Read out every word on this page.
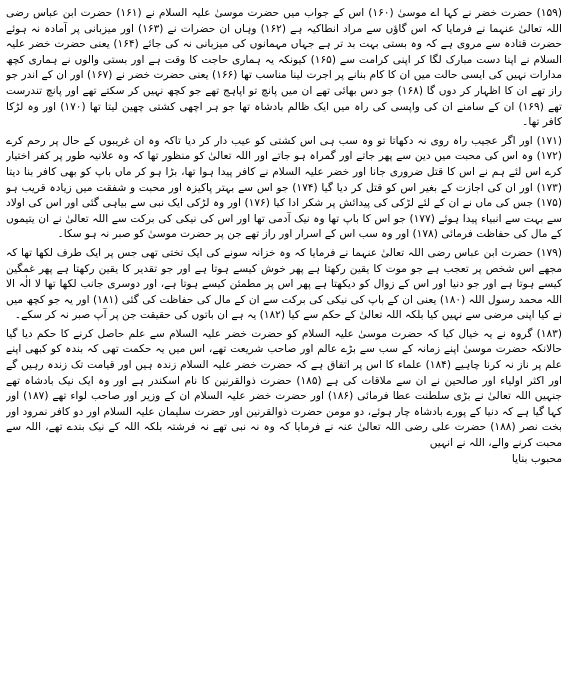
(۱۵۹) حضرت خضر نے کہا اے موسیٰ (۱۶۰) اس کے جواب میں حضرت موسیٰ علیہ السلام نے (۱۶۱) حضرت ابن عباس رضی اللہ تعالیٰ عنہما نے فرمایا کہ اس گاؤں سے مراد انطاکیہ ہے (۱۶۲) وہاں ان حضرات نے (۱۶۳) اور میزبانی پر آمادہ نہ ہوئے حضرت قتادہ سے مروی ہے کہ وہ بستی بہت بد تر ہے جہاں مہمانوں کی میزبانی نہ کی جائے (۱۶۴) یعنی حضرت خضر علیہ السلام نے اپنا دست مبارک لگا کر اپنی کرامت سے (۱۶۵) کیونکہ یہ ہماری حاجت کا وقت ہے اور بستی والوں نے ہماری کچھ مدارات نہیں کی ایسی حالت میں ان کا کام بنانے پر اجرت لینا مناسب تھا (۱۶۶) یعنی حضرت خضر نے (۱۶۷) اور ان کے اندر جو راز تھے ان کا اظہار کر دوں گا (۱۶۸) جو دس بھائی تھے ان میں پانچ تو اپاہج تھے جو کچھ نہیں کر سکتے تھے اور پانچ تندرست تھے (۱۶۹) ان کے سامنے ان کی واپسی کی راہ میں ایک ظالم بادشاہ تھا جو ہر اچھی کشتی چھین لیتا تھا (۱۷۰) اور وہ لڑکا کافر تھا۔

(۱۷۱) اور اگر عجیب راہ روی نہ دکھاتا تو وہ سب ہی اس کشتی کو عیب دار کر دیا تاکہ وہ ان غریبوں کے حال پر رحم کرے (۱۷۲) وہ اس کی محبت میں دین سے پھر جاتے اور گمراہ ہو جاتے اور اللہ تعالیٰ کو منظور تھا کہ وہ علانیہ طور پر کفر اختیار کرے اس لئے ہم نے اس کا قتل ضروری جانا اور خضر علیہ السلام نے کافر پیدا ہوا تھا، بڑا ہو کر ماں باپ کو بھی کافر بنا دیتا (۱۷۳) اور ان کی اجازت کے بغیر اس کو قتل کر دیا گیا (۱۷۴) جو اس سے بہتر پاکیزہ اور محبت و شفقت میں زیادہ قریب ہو (۱۷۵) جس کی ماں نے ان کے لئے لڑکی کی پیدائش پر شکر ادا کیا (۱۷۶) اور وہ لڑکی ایک نبی سے بیاہی گئی اور اس کی اولاد سے بہت سے انبیاء پیدا ہوئے (۱۷۷) جو اس کا باپ تھا وہ نیک آدمی تھا اور اس کی نیکی کی برکت سے اللہ تعالیٰ نے ان یتیموں کے مال کی حفاظت فرمائی (۱۷۸) اور وہ سب اس کے اسرار اور راز تھے جن پر حضرت موسیٰ کو صبر نہ ہو سکا۔

(۱۷۹) حضرت ابن عباس رضی اللہ تعالیٰ عنہما نے فرمایا کہ وہ خزانہ سونے کی ایک تختی تھی جس پر ایک طرف لکھا تھا کہ مجھے اس شخص پر تعجب ہے جو موت کا یقین رکھتا ہے پھر خوش کیسے ہوتا ہے اور جو تقدیر کا یقین رکھتا ہے پھر غمگین کیسے ہوتا ہے اور جو دنیا اور اس کے زوال کو دیکھتا ہے پھر اس پر مطمئن کیسے ہوتا ہے، اور دوسری جانب لکھا تھا لا الٰہ الا اللہ محمد رسول اللہ (۱۸۰) یعنی ان کے باپ کی نیکی کی برکت سے ان کے مال کی حفاظت کی گئی (۱۸۱) اور یہ جو کچھ میں نے کیا اپنی مرضی سے نہیں کیا بلکہ اللہ تعالیٰ کے حکم سے کیا (۱۸۲) یہ ہے ان باتوں کی حقیقت جن پر آپ صبر نہ کر سکے۔

(۱۸۳) گروہ نے یہ خیال کیا کہ حضرت موسیٰ علیہ السلام کو حضرت خضر علیہ السلام سے علم حاصل کرنے کا حکم دیا گیا حالانکہ حضرت موسیٰ اپنے زمانہ کے سب سے بڑے عالم اور صاحب شریعت تھے، اس میں یہ حکمت تھی کہ بندہ کو کبھی اپنے علم پر ناز نہ کرنا چاہیے (۱۸۴) علماء کا اس پر اتفاق ہے کہ حضرت خضر علیہ السلام زندہ ہیں اور قیامت تک زندہ رہیں گے اور اکثر اولیاء اور صالحین نے ان سے ملاقات کی ہے (۱۸۵) حضرت ذوالقرنین کا نام اسکندر ہے اور وہ ایک نیک بادشاہ تھے جنہیں اللہ تعالیٰ نے بڑی سلطنت عطا فرمائی (۱۸۶) اور حضرت خضر علیہ السلام ان کے وزیر اور صاحب لواء تھے (۱۸۷) اور کہا گیا ہے کہ دنیا کے پورے بادشاہ چار ہوئے، دو مومن حضرت ذوالقرنین اور حضرت سلیمان علیہ السلام اور دو کافر نمرود اور بخت نصر (۱۸۸) حضرت علی رضی اللہ تعالیٰ عنہ نے فرمایا کہ وہ نہ نبی تھے نہ فرشتہ بلکہ اللہ کے نیک بندے تھے، اللہ سے محبت کرنے والے، اللہ نے انہیں

محبوب بنایا
